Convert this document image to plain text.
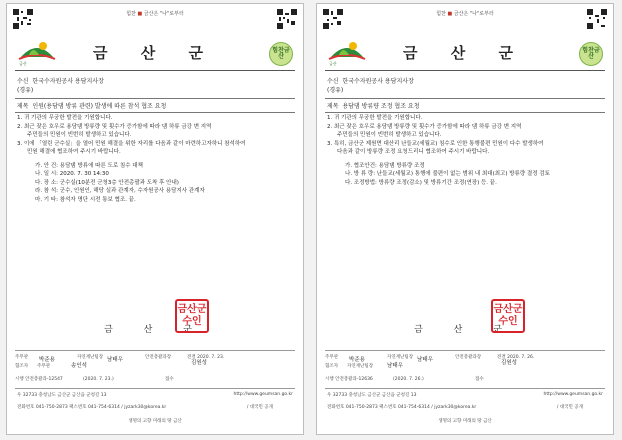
힘찬 ■ 금산은 "나"로부터
금산
금 산 군	힘찬금산
수신 한국수자원공사 용담지사장
(경유)
제목 인원(용담댐 방류 관련) 발생에 따른 참석 협조 요청
1. 귀 기관의 무궁한 발전을 기원합니다.
2. 최근 잦은 호우로 용담댐 방류량 및 횟수가 증가함에 따라 댐 하류 금강 변 지역
주민들의 민원이 빈번히 발생하고 있습니다.
3. 이에 「열린 군수실」을 열어 민원 해결을 위한 자리를 다음과 같이 마련하고자하니 참석하여
민원 해결에 협조하여 주시기 바랍니다.
가. 안 건: 용담댐 방류에 따른 도로 침수 대책
나. 일 시: 2020. 7. 30 14:30
다. 장 소: 군수실(10분전 군청3층 안전총괄과 도착 후 안내)
라. 참 석: 군수, 인원인, 해당 실과 관계자, 수자원공사 용담지사 관계자
마. 기 타: 참석자 명단 시전 통보 협조. 끝.
금 산 군
금산군수인
주무관 박준용	자연재난팀장 남태우	안전총괄과장	전결 2020. 7. 23.
김원성
협조자 주무관	송인석
시행 안전총괄과-12547	(2020. 7. 23.)	접수
우 32733 충청남도 금산군 금산읍 군청길 13	http://www.geumsan.go.kr
전화번호 041-750-2873 팩스번호 041-754-6314 / jyzark30@korea.kr	/ 대국민 공개
생명의 고향 미래의 땅 금산
힘찬 ■ 금산은 "나"로부터
금산
금 산 군	힘찬금산
수신 한국수자원공사 용담지사장
(경유)
제목 용담댐 방류량 조정 협조 요청
1. 귀 기관의 무궁한 발전을 기원합니다.
2. 최근 잦은 호우로 용담댐 방류량 및 횟수가 증가함에 따라 댐 하류 금강 변 지역
주민들의 민원이 빈번히 발생하고 있습니다.
3. 특히, 금산군 제원면 대산리 난들교(세월교) 침수로 인한 통행불편 민원이 다수 발생하여
다음과 같이 방류량 조정 요청드리니 협조하여 주시기 바랍니다.
가. 협조안건: 용담댐 방류량 조정
나. 방 류 량: 난들교(세월교) 통행에 불편이 없는 범위 내 최대(최고) 방류량 결정 검토
다. 조정방법: 방류량 조정(감소) 및 방류기간 조정(연장) 등. 끝.
금 산 군
금산군수인
주무관 박준용	자연재난팀장 남태우	안전총괄과장	전결 2020. 7. 26.
김원성
협조자 자연재난팀장	남태우
시행 안전총괄과-12636	(2020. 7. 26.)	접수
우 32733 충청남도 금산군 금산읍 군청길 13	http://www.geumsan.go.kr
전화번호 041-750-2873 팩스번호 041-754-6314 / jyzark30@korea.kr	/ 대국민 공개
생명의 고향 미래의 땅 금산
